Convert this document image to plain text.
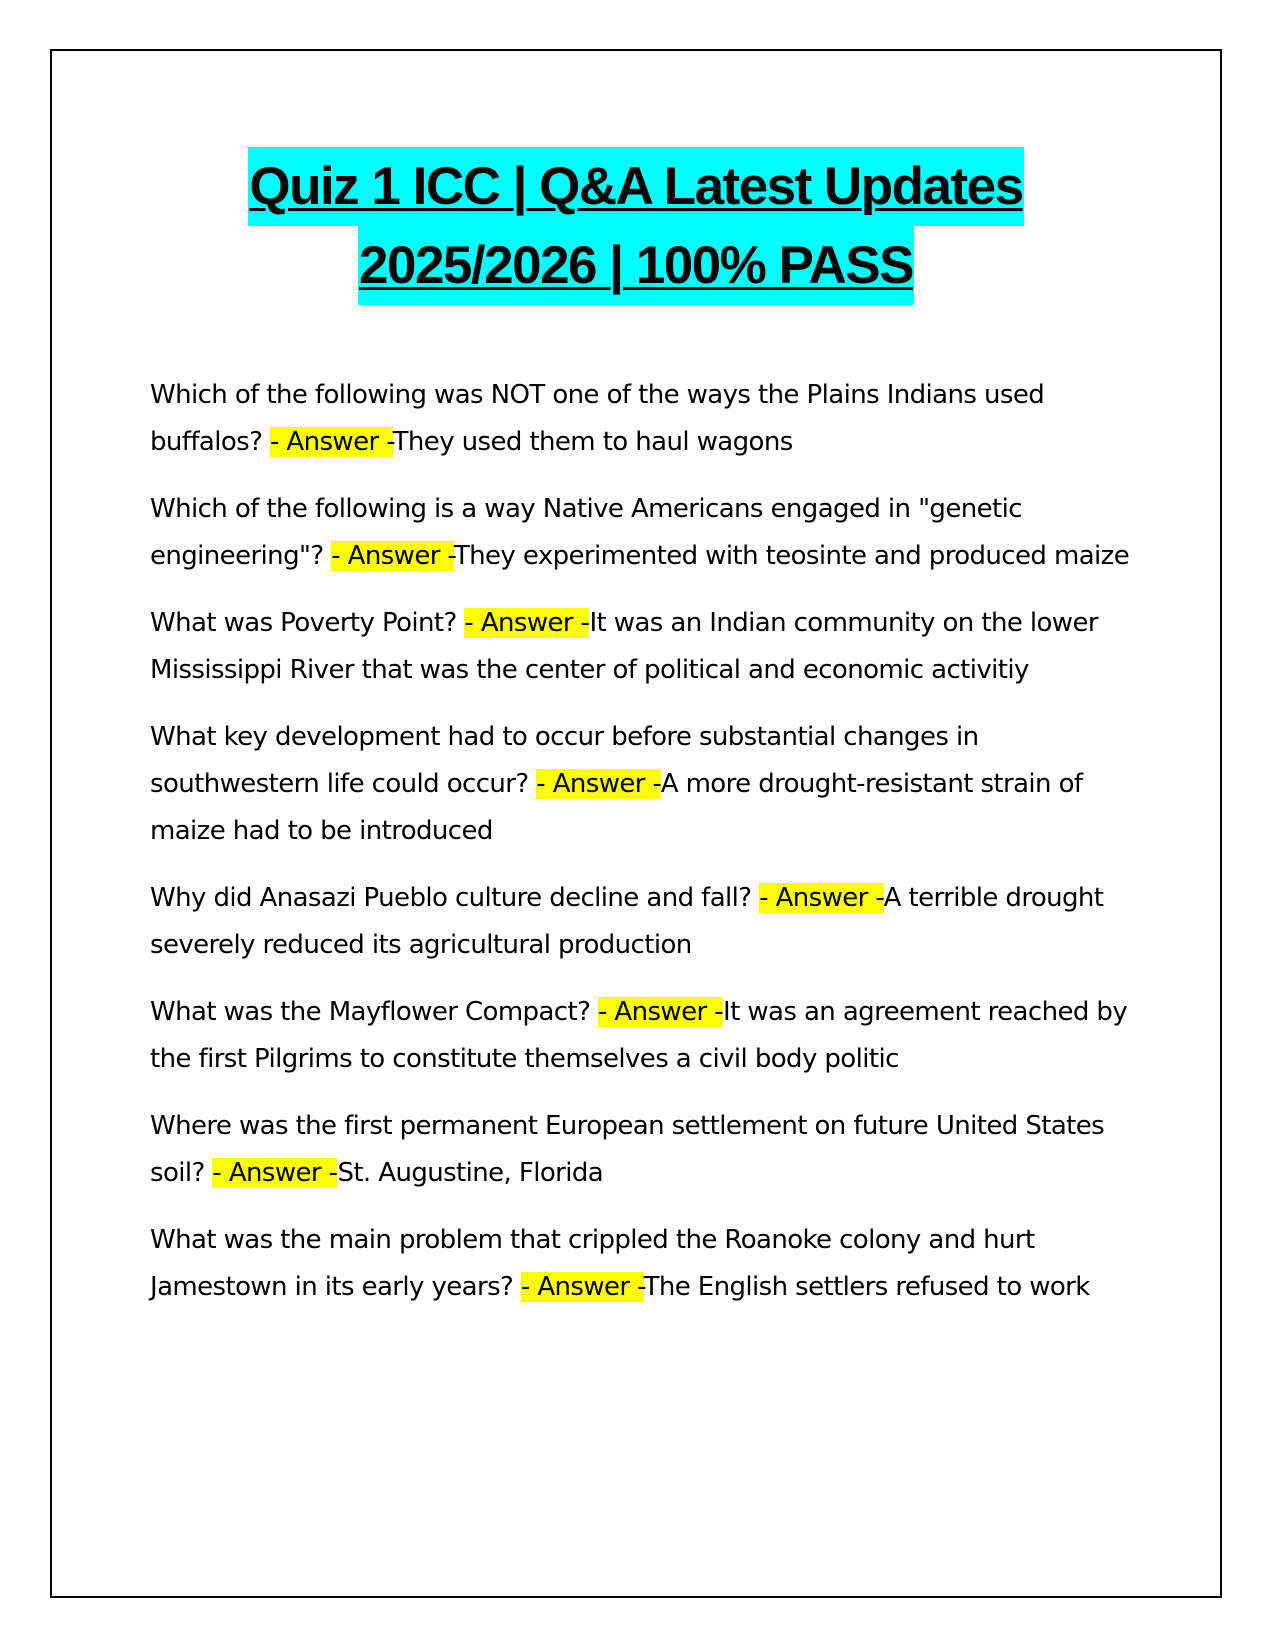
Quiz 1 ICC | Q&A Latest Updates
2025/2026 | 100% PASS

Which of the following was NOT one of the ways the Plains Indians used buffalos? - Answer -They used them to haul wagons

Which of the following is a way Native Americans engaged in "genetic engineering"? - Answer -They experimented with teosinte and produced maize

What was Poverty Point? - Answer -It was an Indian community on the lower Mississippi River that was the center of political and economic activitiy

What key development had to occur before substantial changes in southwestern life could occur? - Answer -A more drought-resistant strain of maize had to be introduced

Why did Anasazi Pueblo culture decline and fall? - Answer -A terrible drought severely reduced its agricultural production

What was the Mayflower Compact? - Answer -It was an agreement reached by the first Pilgrims to constitute themselves a civil body politic

Where was the first permanent European settlement on future United States soil? - Answer -St. Augustine, Florida

What was the main problem that crippled the Roanoke colony and hurt Jamestown in its early years? - Answer -The English settlers refused to work
